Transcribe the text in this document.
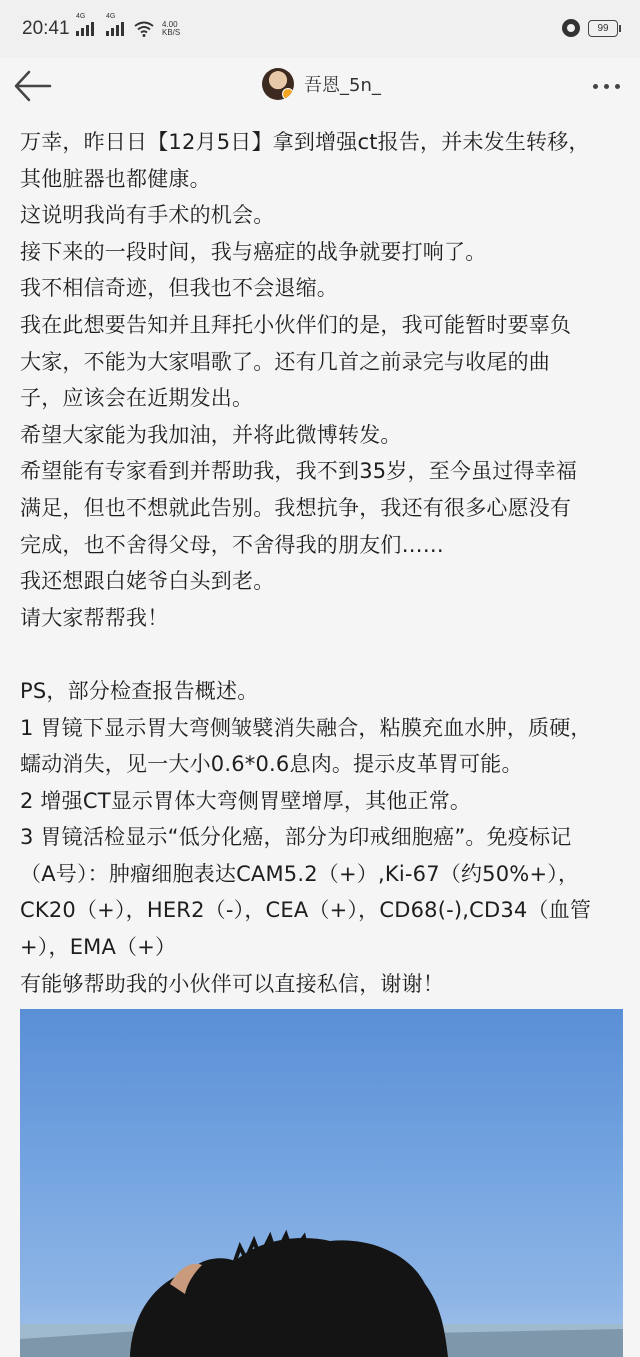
20:41
4G	4G
4.00
KB/S	99
吾恩_5n_

万幸，昨日日【12月5日】拿到增强ct报告，并未发生转移，

其他脏器也都健康。

这说明我尚有手术的机会。

接下来的一段时间，我与癌症的战争就要打响了。

我不相信奇迹，但我也不会退缩。

我在此想要告知并且拜托小伙伴们的是，我可能暂时要辜负

大家，不能为大家唱歌了。还有几首之前录完与收尾的曲

子，应该会在近期发出。

希望大家能为我加油，并将此微博转发。

希望能有专家看到并帮助我，我不到35岁，至今虽过得幸福

满足，但也不想就此告别。我想抗争，我还有很多心愿没有

完成，也不舍得父母，不舍得我的朋友们……

我还想跟白姥爷白头到老。

请大家帮帮我！

PS，部分检查报告概述。

1 胃镜下显示胃大弯侧皱襞消失融合，粘膜充血水肿，质硬，

蠕动消失，见一大小0.6*0.6息肉。提示皮革胃可能。

2 增强CT显示胃体大弯侧胃壁增厚，其他正常。

3 胃镜活检显示“低分化癌，部分为印戒细胞癌”。免疫标记

（A号）：肿瘤细胞表达CAM5.2（+）,Ki-67（约50%+），

CK20（+），HER2（-），CEA（+），CD68(-),CD34（血管

+），EMA（+）

有能够帮助我的小伙伴可以直接私信，谢谢！
